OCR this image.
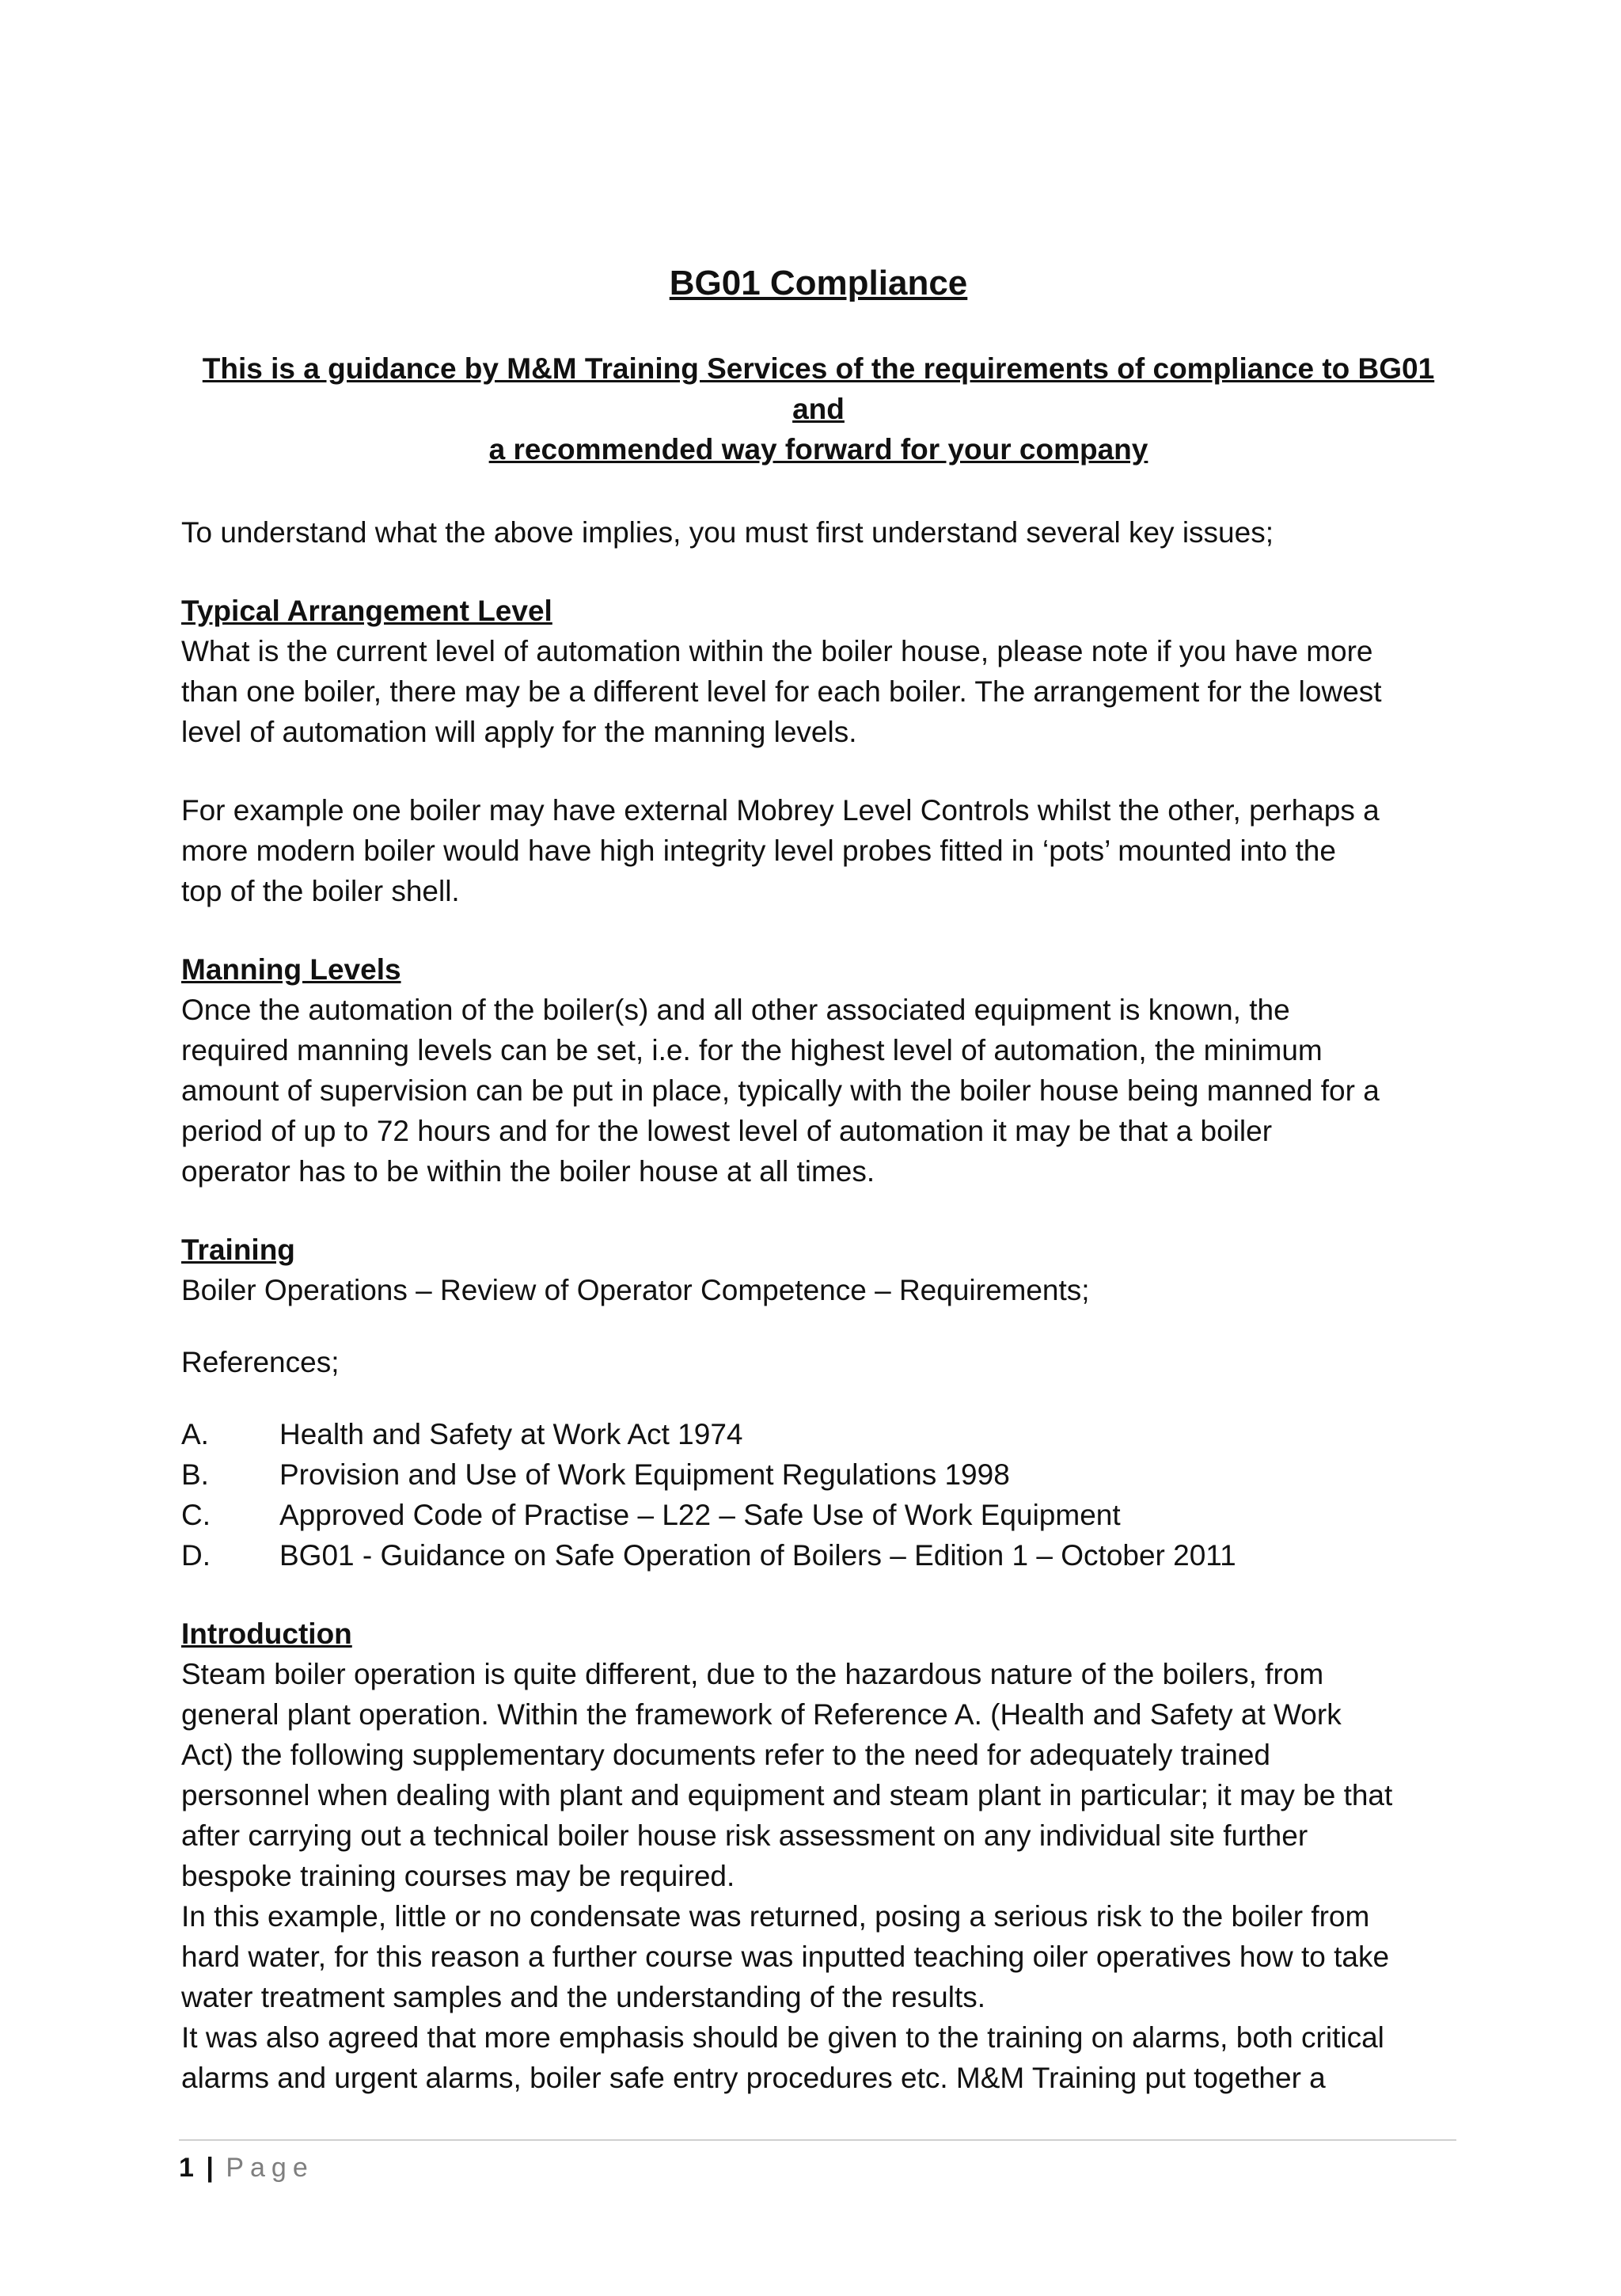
BG01 Compliance
This is a guidance by M&M Training Services of the requirements of compliance to BG01 and
a recommended way forward for your company

To understand what the above implies, you must first understand several key issues;

Typical Arrangement Level
What is the current level of automation within the boiler house, please note if you have more
than one boiler, there may be a different level for each boiler. The arrangement for the lowest
level of automation will apply for the manning levels.
For example one boiler may have external Mobrey Level Controls whilst the other, perhaps a
more modern boiler would have high integrity level probes fitted in ‘pots’ mounted into the
top of the boiler shell.
Manning Levels
Once the automation of the boiler(s) and all other associated equipment is known, the
required manning levels can be set, i.e. for the highest level of automation, the minimum
amount of supervision can be put in place, typically with the boiler house being manned for a
period of up to 72 hours and for the lowest level of automation it may be that a boiler
operator has to be within the boiler house at all times.
Training
Boiler Operations – Review of Operator Competence – Requirements;
References;
A.	Health and Safety at Work Act 1974
B.	Provision and Use of Work Equipment Regulations 1998
C.	Approved Code of Practise – L22 – Safe Use of Work Equipment
D.	BG01 - Guidance on Safe Operation of Boilers – Edition 1 – October 2011
Introduction
Steam boiler operation is quite different, due to the hazardous nature of the boilers, from
general plant operation. Within the framework of Reference A. (Health and Safety at Work
Act) the following supplementary documents refer to the need for adequately trained
personnel when dealing with plant and equipment and steam plant in particular; it may be that
after carrying out a technical boiler house risk assessment on any individual site further
bespoke training courses may be required.
In this example, little or no condensate was returned, posing a serious risk to the boiler from
hard water, for this reason a further course was inputted teaching oiler operatives how to take
water treatment samples and the understanding of the results.
It was also agreed that more emphasis should be given to the training on alarms, both critical
alarms and urgent alarms, boiler safe entry procedures etc. M&M Training put together a
1 | Page
